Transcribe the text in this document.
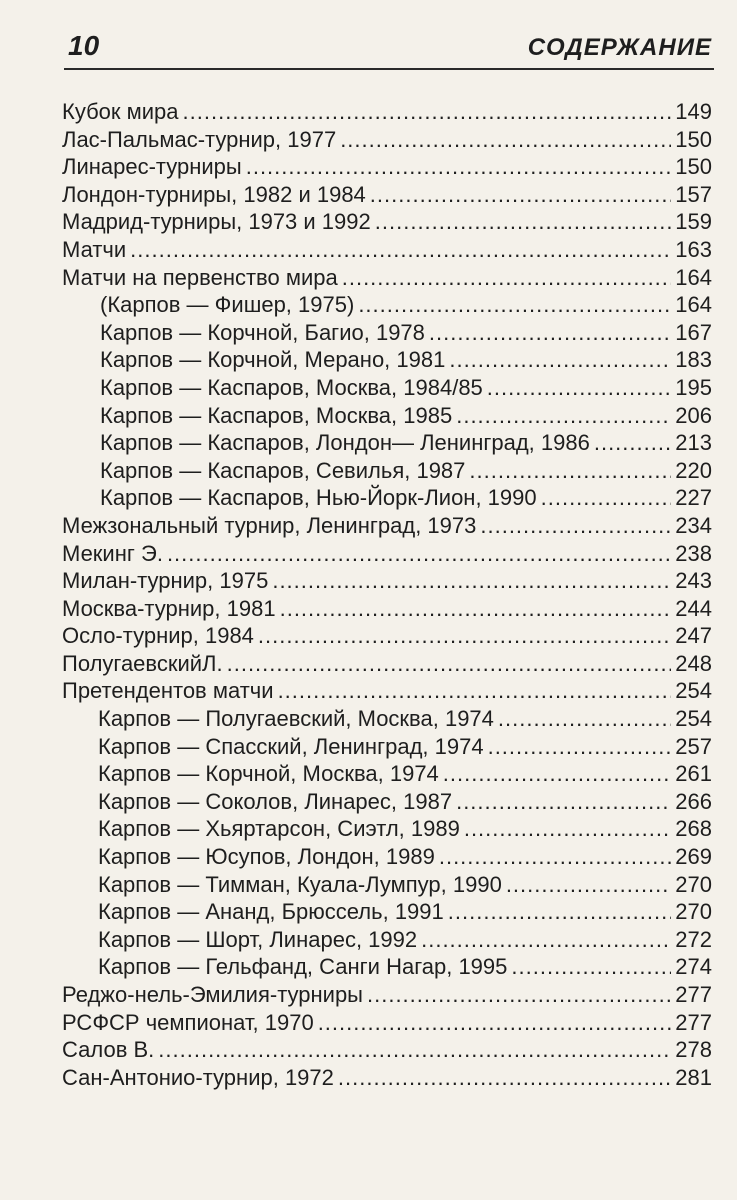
10	СОДЕРЖАНИЕ
Кубок мира .....	149
Лас-Пальмас-турнир, 1977 .....	150
Линарес-турниры .....	150
Лондон-турниры, 1982 и 1984 .....	157
Мадрид-турниры, 1973 и 1992 .....	159
Матчи .....	163
Матчи на первенство мира .....	164
(Карпов — Фишер, 1975) .....	164
Карпов — Корчной, Багио, 1978 .....	167
Карпов — Корчной, Мерано, 1981 .....	183
Карпов — Каспаров, Москва, 1984/85 .....	195
Карпов — Каспаров, Москва, 1985 .....	206
Карпов — Каспаров, Лондон— Ленинград, 1986 .....	213
Карпов — Каспаров, Севилья, 1987 .....	220
Карпов — Каспаров, Нью-Йорк-Лион, 1990 .....	227
Межзональный турнир, Ленинград, 1973 .....	234
Мекинг Э. .....	238
Милан-турнир, 1975 .....	243
Москва-турнир, 1981 .....	244
Осло-турнир, 1984 .....	247
ПолугаевскийЛ. .....	248
Претендентов матчи .....	254
Карпов — Полугаевский, Москва, 1974 .....	254
Карпов — Спасский, Ленинград, 1974 .....	257
Карпов — Корчной, Москва, 1974 .....	261
Карпов — Соколов, Линарес, 1987 .....	266
Карпов — Хьяртарсон, Сиэтл, 1989 .....	268
Карпов — Юсупов, Лондон, 1989 .....	269
Карпов — Тимман, Куала-Лумпур, 1990 .....	270
Карпов — Ананд, Брюссель, 1991 .....	270
Карпов — Шорт, Линарес, 1992 .....	272
Карпов — Гельфанд, Санги Нагар, 1995 .....	274
Реджо-нель-Эмилия-турниры .....	277
РСФСР чемпионат, 1970 .....	277
Салов В. .....	278
Сан-Антонио-турнир, 1972 .....	281
